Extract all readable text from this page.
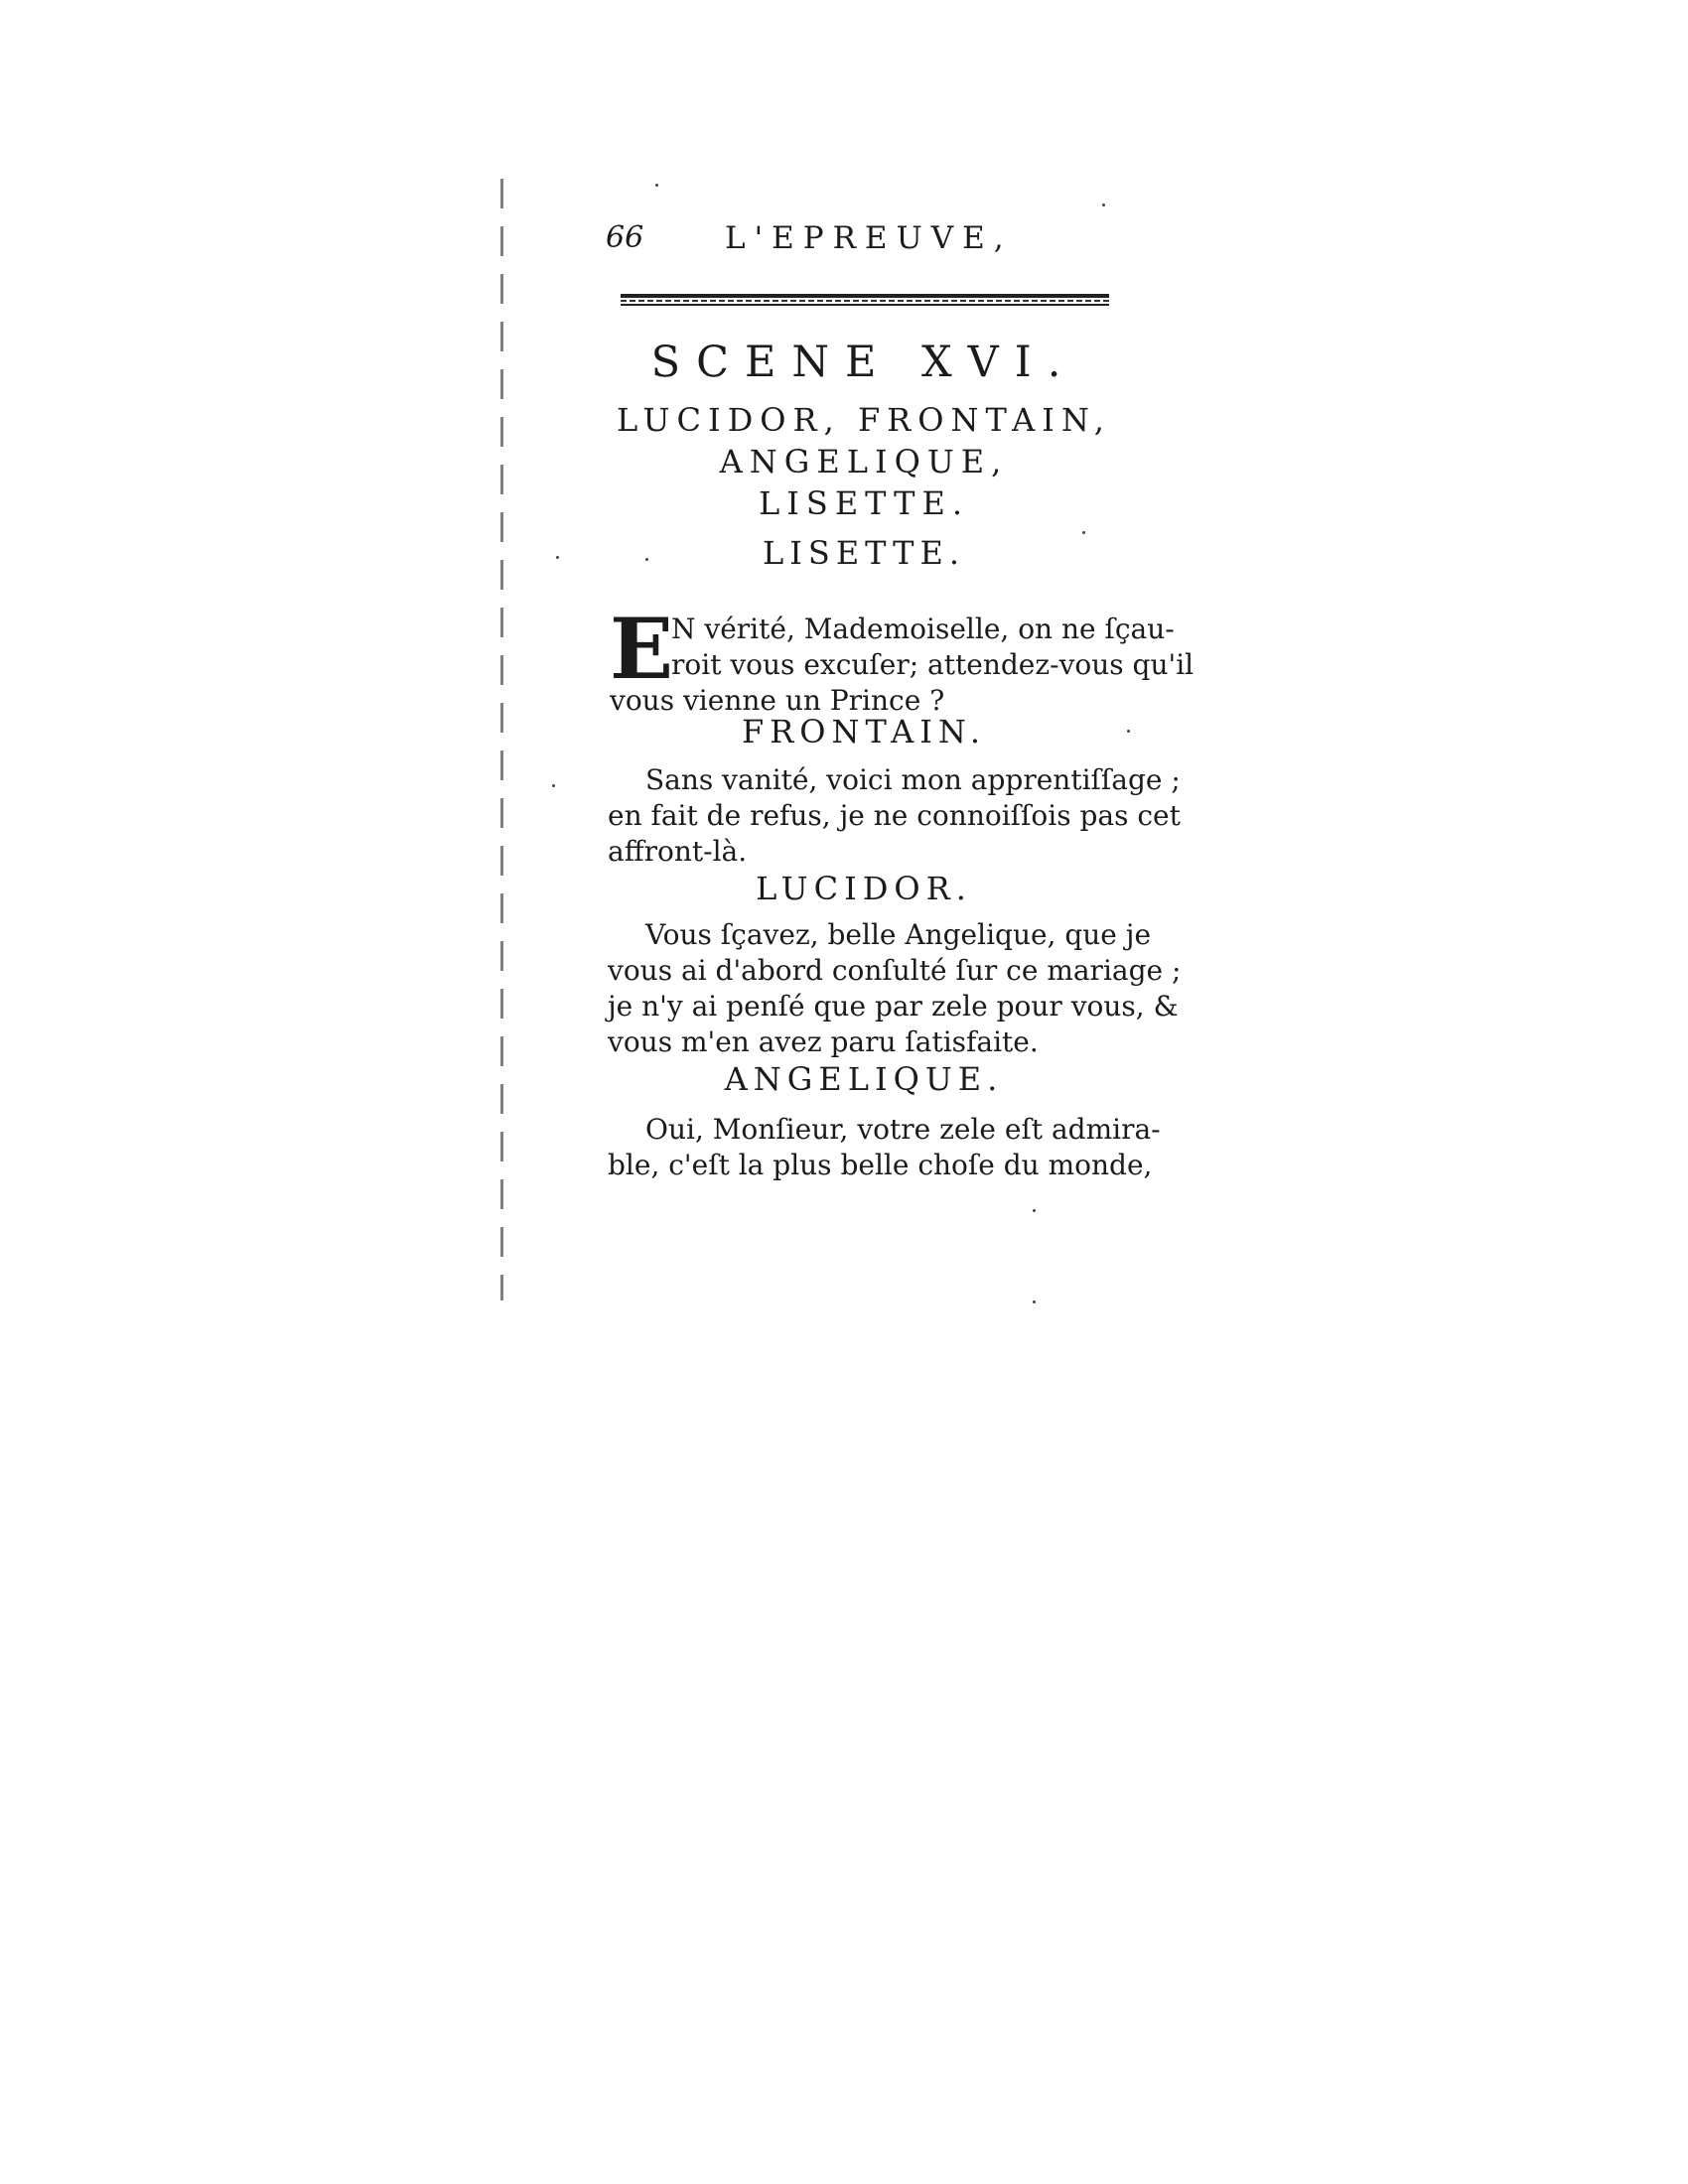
66	L'EPREUVE,
SCENE XVI.
LUCIDOR, FRONTAIN,
ANGELIQUE,
LISETTE.
LISETTE.
E
N vérité, Mademoiselle, on ne ſçau-
roit vous excuſer; attendez-vous qu'il
vous vienne un Prince ?
FRONTAIN.
Sans vanité, voici mon apprentiſſage ;
en fait de refus, je ne connoiſſois pas cet
affront-là.
LUCIDOR.
Vous ſçavez, belle Angelique, que je
vous ai d'abord conſulté ſur ce mariage ;
je n'y ai penſé que par zele pour vous, &
vous m'en avez paru ſatisfaite.
ANGELIQUE.
Oui, Monſieur, votre zele eſt admira-
ble, c'eſt la plus belle choſe du monde,
